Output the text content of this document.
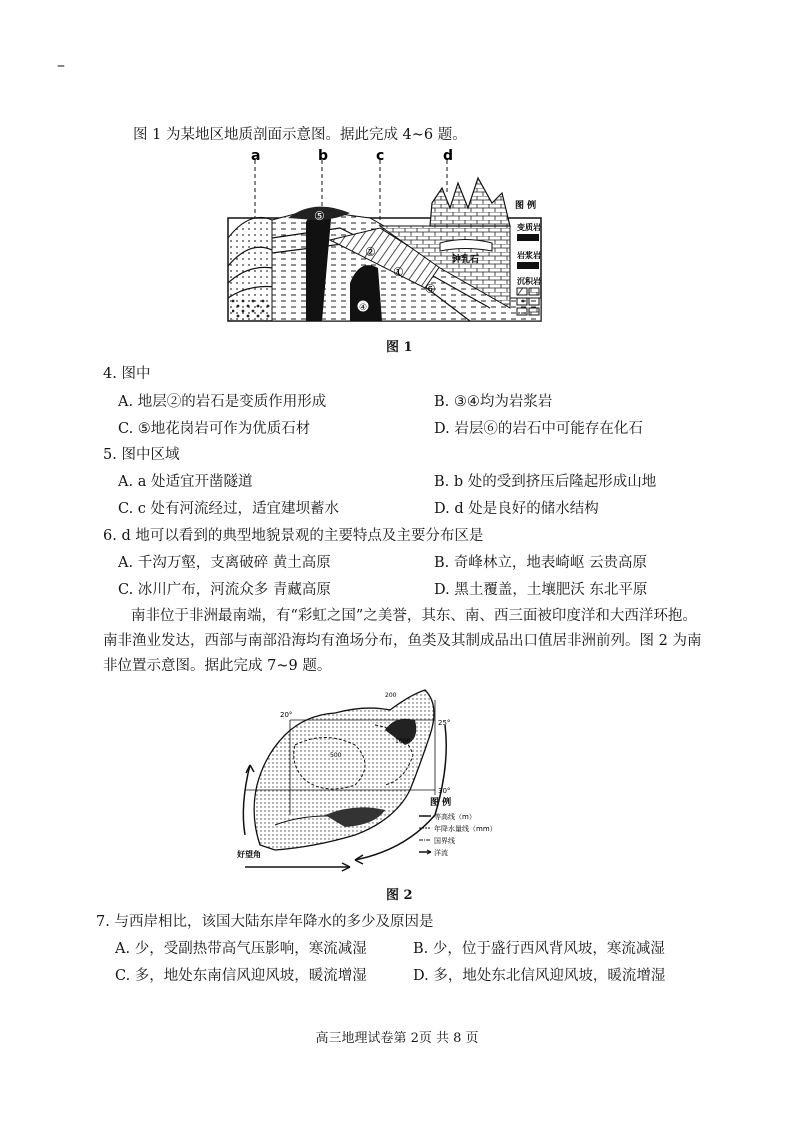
–
图 1 为某地区地质剖面示意图。据此完成 4~6 题。
④
a	b	c	d
⑤
②
①
⑥
钟乳石
图 例
变质岩
岩浆岩
沉积岩
图 1
4. 图中
A. 地层②的岩石是变质作用形成	B. ③④均为岩浆岩
C. ⑤地花岗岩可作为优质石材	D. 岩层⑥的岩石中可能存在化石
5. 图中区域
A. a 处适宜开凿隧道	B. b 处的受到挤压后隆起形成山地
C. c 处有河流经过，适宜建坝蓄水	D. d 处是良好的储水结构
6. d 地可以看到的典型地貌景观的主要特点及主要分布区是
A. 千沟万壑，支离破碎 黄土高原	B. 奇峰林立，地表崎岖 云贵高原
C. 冰川广布，河流众多 青藏高原	D. 黑土覆盖，土壤肥沃 东北平原
南非位于非洲最南端，有“彩虹之国”之美誉，其东、南、西三面被印度洋和大西洋环抱。南非渔业发达，西部与南部沿海均有渔场分布，鱼类及其制成品出口值居非洲前列。图 2 为南非位置示意图。据此完成 7~9 题。
20°
25°
30°
500
1000
200
好望角
图 例
等高线（m）
年降水量线（mm）
国界线
洋流
图 2
7. 与西岸相比，该国大陆东岸年降水的多少及原因是
A. 少，受副热带高气压影响，寒流减湿	B. 少，位于盛行西风背风坡，寒流减湿
C. 多，地处东南信风迎风坡，暖流增湿	D. 多，地处东北信风迎风坡，暖流增湿
高三地理试卷第 2页 共 8 页
